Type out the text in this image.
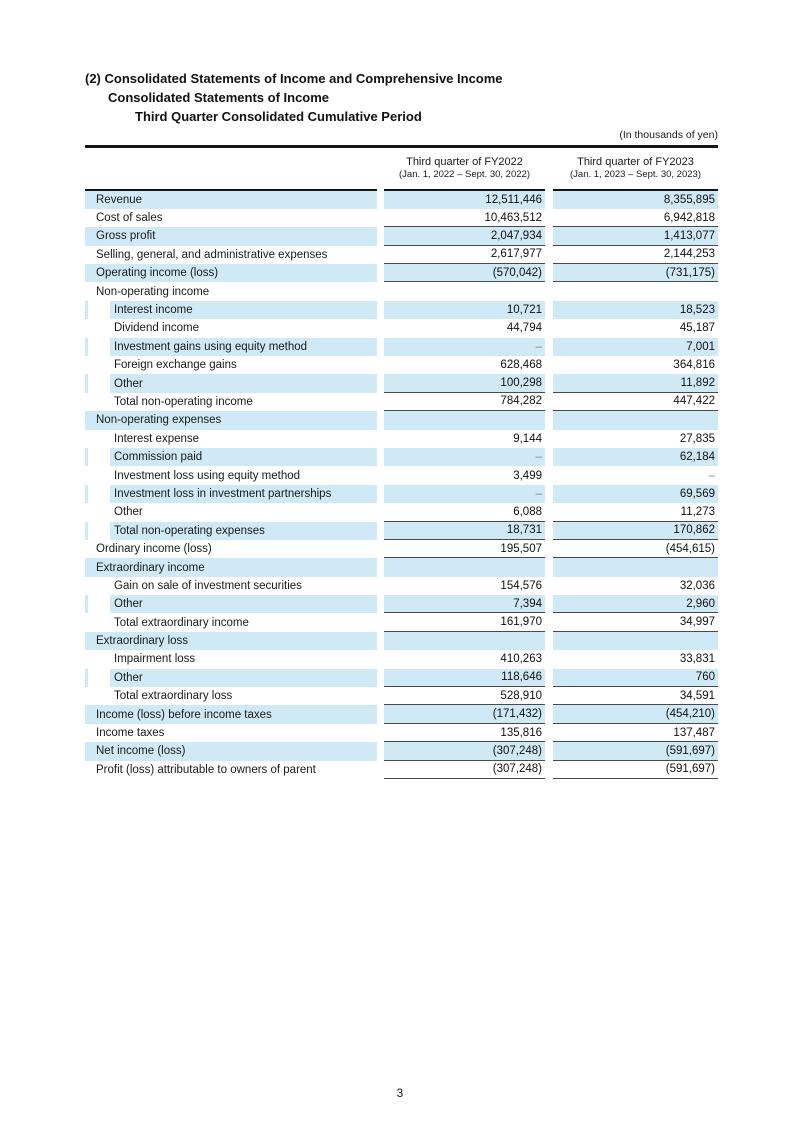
(2) Consolidated Statements of Income and Comprehensive Income
Consolidated Statements of Income
Third Quarter Consolidated Cumulative Period
(In thousands of yen)
Third quarter of FY2022
(Jan. 1, 2022 – Sept. 30, 2022)
Third quarter of FY2023
(Jan. 1, 2023 – Sept. 30, 2023)
Revenue	12,511,446	8,355,895
Cost of sales	10,463,512	6,942,818
Gross profit	2,047,934	1,413,077
Selling, general, and administrative expenses	2,617,977	2,144,253
Operating income (loss)	(570,042)	(731,175)
Non-operating income
Interest income	10,721	18,523
Dividend income	44,794	45,187
Investment gains using equity method	–	7,001
Foreign exchange gains	628,468	364,816
Other	100,298	11,892
Total non-operating income	784,282	447,422
Non-operating expenses
Interest expense	9,144	27,835
Commission paid	–	62,184
Investment loss using equity method	3,499	–
Investment loss in investment partnerships	–	69,569
Other	6,088	11,273
Total non-operating expenses	18,731	170,862
Ordinary income (loss)	195,507	(454,615)
Extraordinary income
Gain on sale of investment securities	154,576	32,036
Other	7,394	2,960
Total extraordinary income	161,970	34,997
Extraordinary loss
Impairment loss	410,263	33,831
Other	118,646	760
Total extraordinary loss	528,910	34,591
Income (loss) before income taxes	(171,432)	(454,210)
Income taxes	135,816	137,487
Net income (loss)	(307,248)	(591,697)
Profit (loss) attributable to owners of parent	(307,248)	(591,697)
3
